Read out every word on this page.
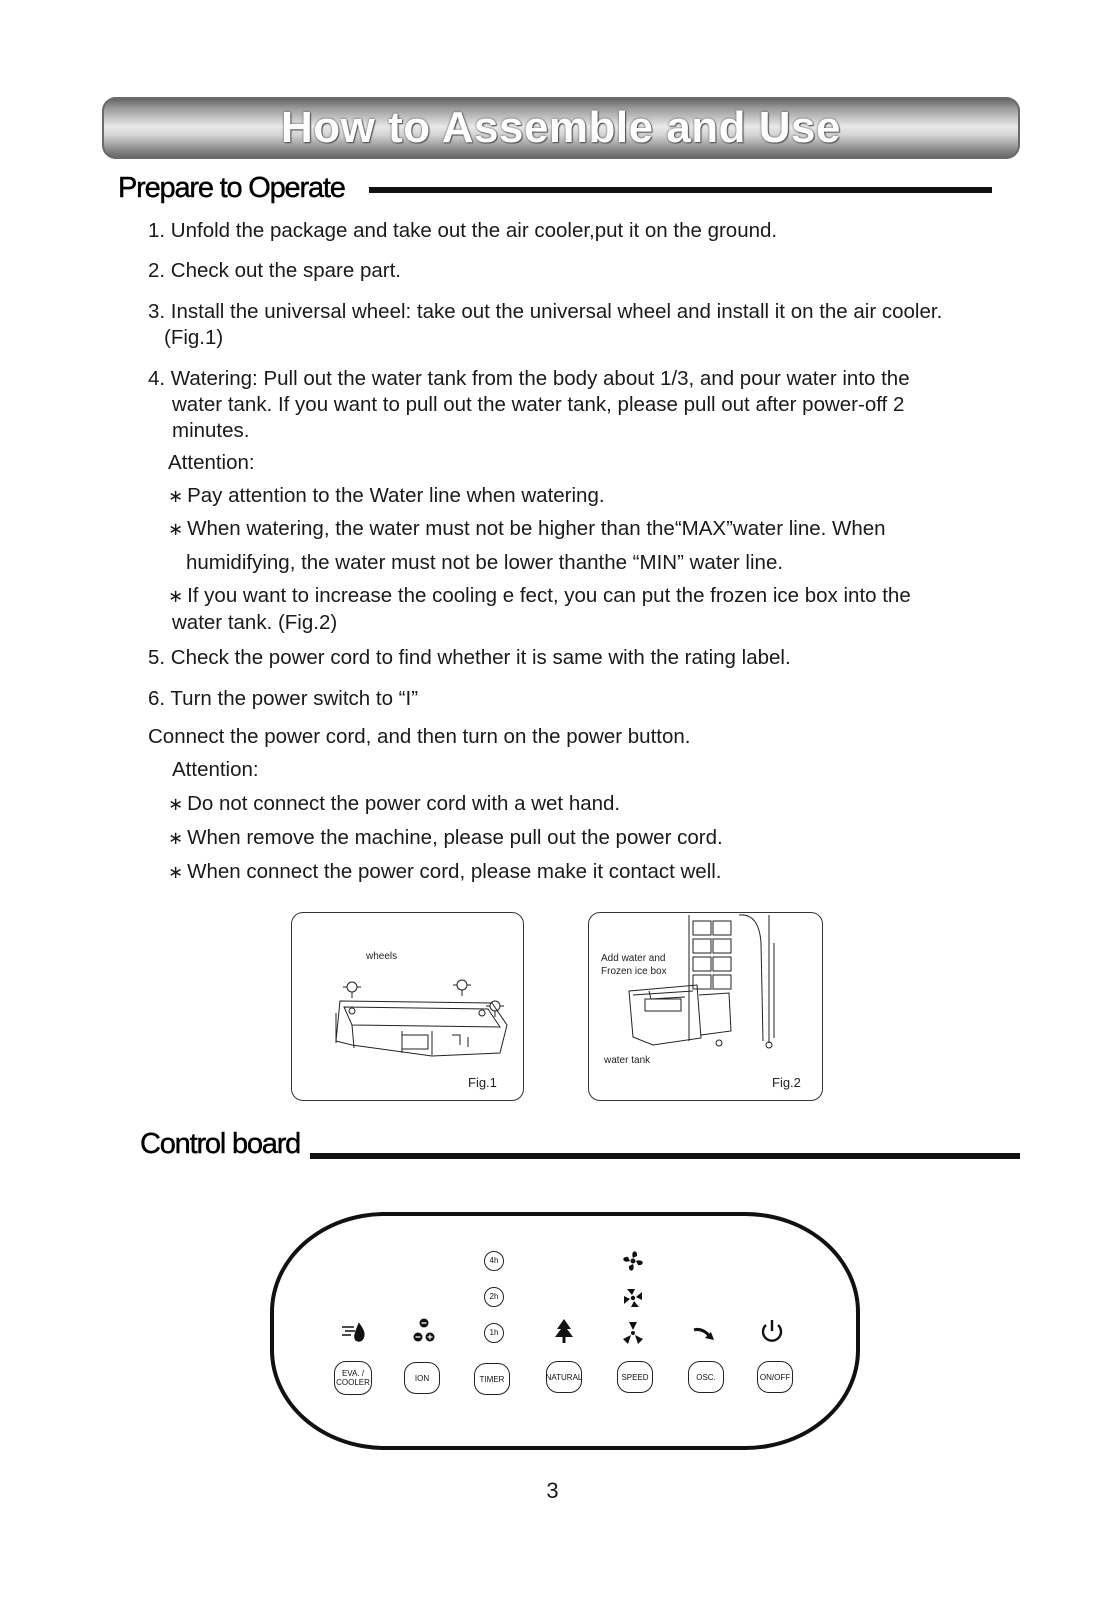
How to Assemble and Use
Prepare to Operate
1. Unfold the package and take out the air cooler,put it on the ground.
2. Check out the spare part.
3. Install the universal wheel: take out the universal wheel and install it on the air cooler.
(Fig.1)
4. Watering: Pull out the water tank from the body about 1/3, and pour water into the
water tank. If you want to pull out the water tank, please pull out after power-off 2
minutes.
Attention:
∗ Pay attention to the Water line when watering.
∗ When watering, the water must not be higher than the“MAX”water line. When
humidifying, the water must not be lower thanthe “MIN” water line.
∗ If you want to increase the cooling e fect, you can put the frozen ice box into the
water tank. (Fig.2)
5. Check the power cord to find whether it is same with the rating label.
6. Turn the power switch to “I”
Connect the power cord, and then turn on the power button.
Attention:
∗ Do not connect the power cord with a wet hand.
∗ When remove the machine, please pull out the power cord.
∗ When connect the power cord, please make it contact well.
wheels
Fig.1
Add water and
Frozen ice box
water tank
Fig.2
Control board
4h
2h
1h
EVA. /
COOLER	ION	TIMER	NATURAL	SPEED	OSC.	ON/OFF
3
